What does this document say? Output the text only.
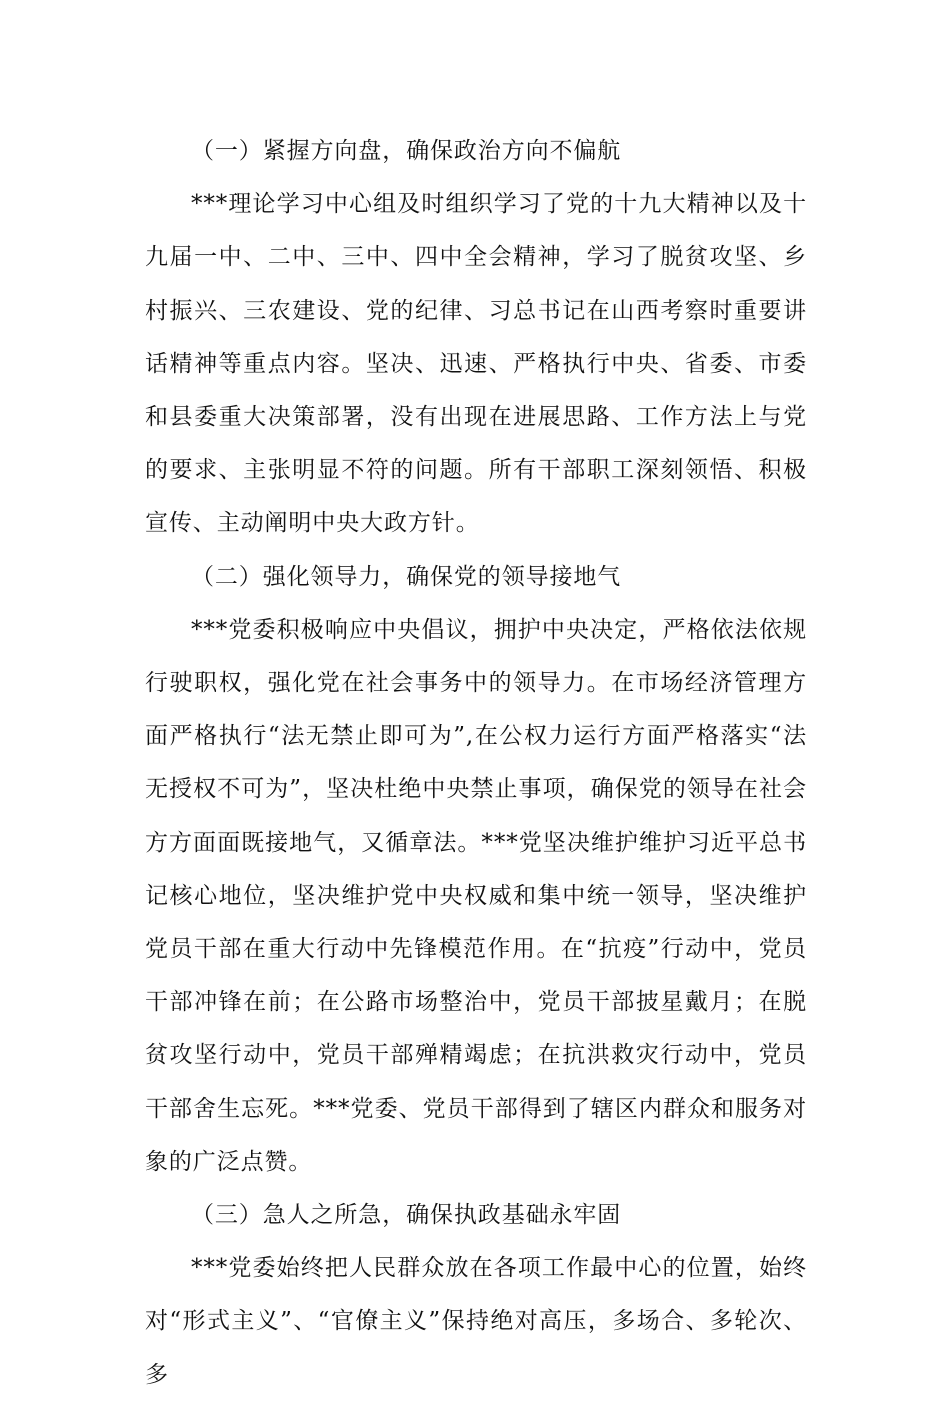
（一）紧握方向盘，确保政治方向不偏航

***理论学习中心组及时组织学习了党的十九大精神以及十九届一中、二中、三中、四中全会精神，学习了脱贫攻坚、乡村振兴、三农建设、党的纪律、习总书记在山西考察时重要讲话精神等重点内容。坚决、迅速、严格执行中央、省委、市委和县委重大决策部署，没有出现在进展思路、工作方法上与党的要求、主张明显不符的问题。所有干部职工深刻领悟、积极宣传、主动阐明中央大政方针。

（二）强化领导力，确保党的领导接地气

***党委积极响应中央倡议，拥护中央决定，严格依法依规行驶职权，强化党在社会事务中的领导力。在市场经济管理方面严格执行“法无禁止即可为”,在公权力运行方面严格落实“法无授权不可为”，坚决杜绝中央禁止事项，确保党的领导在社会方方面面既接地气，又循章法。***党坚决维护维护习近平总书记核心地位，坚决维护党中央权威和集中统一领导，坚决维护党员干部在重大行动中先锋模范作用。在“抗疫”行动中，党员干部冲锋在前；在公路市场整治中，党员干部披星戴月；在脱贫攻坚行动中，党员干部殚精竭虑；在抗洪救灾行动中，党员干部舍生忘死。***党委、党员干部得到了辖区内群众和服务对象的广泛点赞。

（三）急人之所急，确保执政基础永牢固

***党委始终把人民群众放在各项工作最中心的位置，始终对“形式主义”、“官僚主义”保持绝对高压，多场合、多轮次、多
